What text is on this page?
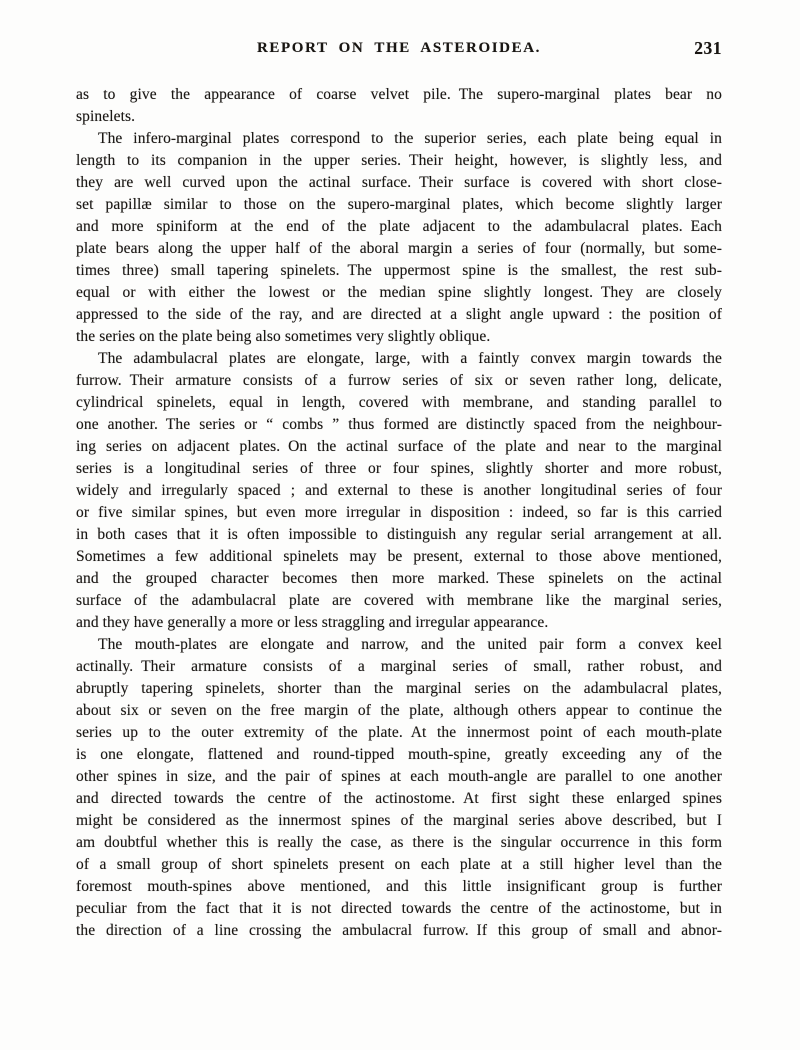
REPORT ON THE ASTEROIDEA.	231
as to give the appearance of coarse velvet pile. The supero-marginal plates bear no
spinelets.
The infero-marginal plates correspond to the superior series, each plate being equal in
length to its companion in the upper series. Their height, however, is slightly less, and
they are well curved upon the actinal surface. Their surface is covered with short close-
set papillæ similar to those on the supero-marginal plates, which become slightly larger
and more spiniform at the end of the plate adjacent to the adambulacral plates. Each
plate bears along the upper half of the aboral margin a series of four (normally, but some-
times three) small tapering spinelets. The uppermost spine is the smallest, the rest sub-
equal or with either the lowest or the median spine slightly longest. They are closely
appressed to the side of the ray, and are directed at a slight angle upward : the position of
the series on the plate being also sometimes very slightly oblique.
The adambulacral plates are elongate, large, with a faintly convex margin towards the
furrow. Their armature consists of a furrow series of six or seven rather long, delicate,
cylindrical spinelets, equal in length, covered with membrane, and standing parallel to
one another. The series or “ combs ” thus formed are distinctly spaced from the neighbour-
ing series on adjacent plates. On the actinal surface of the plate and near to the marginal
series is a longitudinal series of three or four spines, slightly shorter and more robust,
widely and irregularly spaced ; and external to these is another longitudinal series of four
or five similar spines, but even more irregular in disposition : indeed, so far is this carried
in both cases that it is often impossible to distinguish any regular serial arrangement at all.
Sometimes a few additional spinelets may be present, external to those above mentioned,
and the grouped character becomes then more marked. These spinelets on the actinal
surface of the adambulacral plate are covered with membrane like the marginal series,
and they have generally a more or less straggling and irregular appearance.
The mouth-plates are elongate and narrow, and the united pair form a convex keel
actinally. Their armature consists of a marginal series of small, rather robust, and
abruptly tapering spinelets, shorter than the marginal series on the adambulacral plates,
about six or seven on the free margin of the plate, although others appear to continue the
series up to the outer extremity of the plate. At the innermost point of each mouth-plate
is one elongate, flattened and round-tipped mouth-spine, greatly exceeding any of the
other spines in size, and the pair of spines at each mouth-angle are parallel to one another
and directed towards the centre of the actinostome. At first sight these enlarged spines
might be considered as the innermost spines of the marginal series above described, but I
am doubtful whether this is really the case, as there is the singular occurrence in this form
of a small group of short spinelets present on each plate at a still higher level than the
foremost mouth-spines above mentioned, and this little insignificant group is further
peculiar from the fact that it is not directed towards the centre of the actinostome, but in
the direction of a line crossing the ambulacral furrow. If this group of small and abnor-
